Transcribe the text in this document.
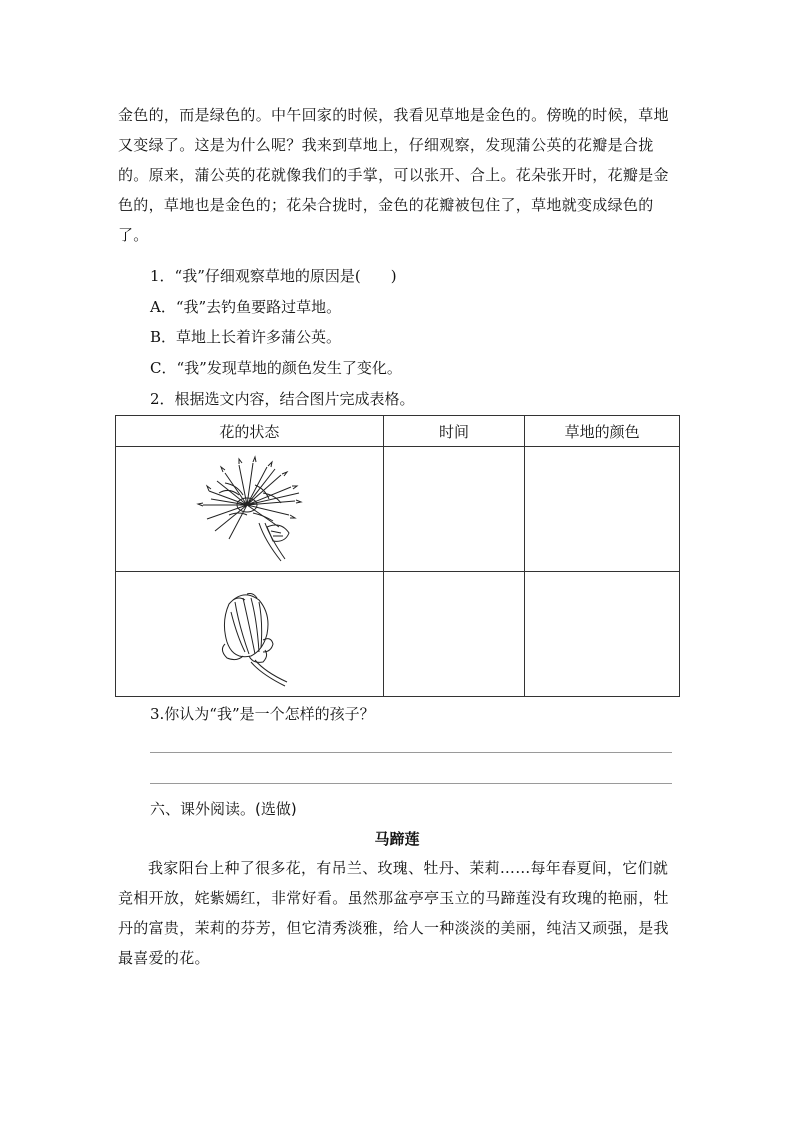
金色的，而是绿色的。中午回家的时候，我看见草地是金色的。傍晚的时候，草地又变绿了。这是为什么呢？我来到草地上，仔细观察，发现蒲公英的花瓣是合拢的。原来，蒲公英的花就像我们的手掌，可以张开、合上。花朵张开时，花瓣是金色的，草地也是金色的；花朵合拢时，金色的花瓣被包住了，草地就变成绿色的了。

1．“我”仔细观察草地的原因是(　　)

A．“我”去钓鱼要路过草地。

B．草地上长着许多蒲公英。

C．“我”发现草地的颜色发生了变化。

2．根据选文内容，结合图片完成表格。

花的状态	时间	草地的颜色

3.你认为“我”是一个怎样的孩子？

六、课外阅读。(选做)

马蹄莲

我家阳台上种了很多花，有吊兰、玫瑰、牡丹、茉莉……每年春夏间，它们就竞相开放，姹紫嫣红，非常好看。虽然那盆亭亭玉立的马蹄莲没有玫瑰的艳丽，牡丹的富贵，茉莉的芬芳，但它清秀淡雅，给人一种淡淡的美丽，纯洁又顽强，是我最喜爱的花。
